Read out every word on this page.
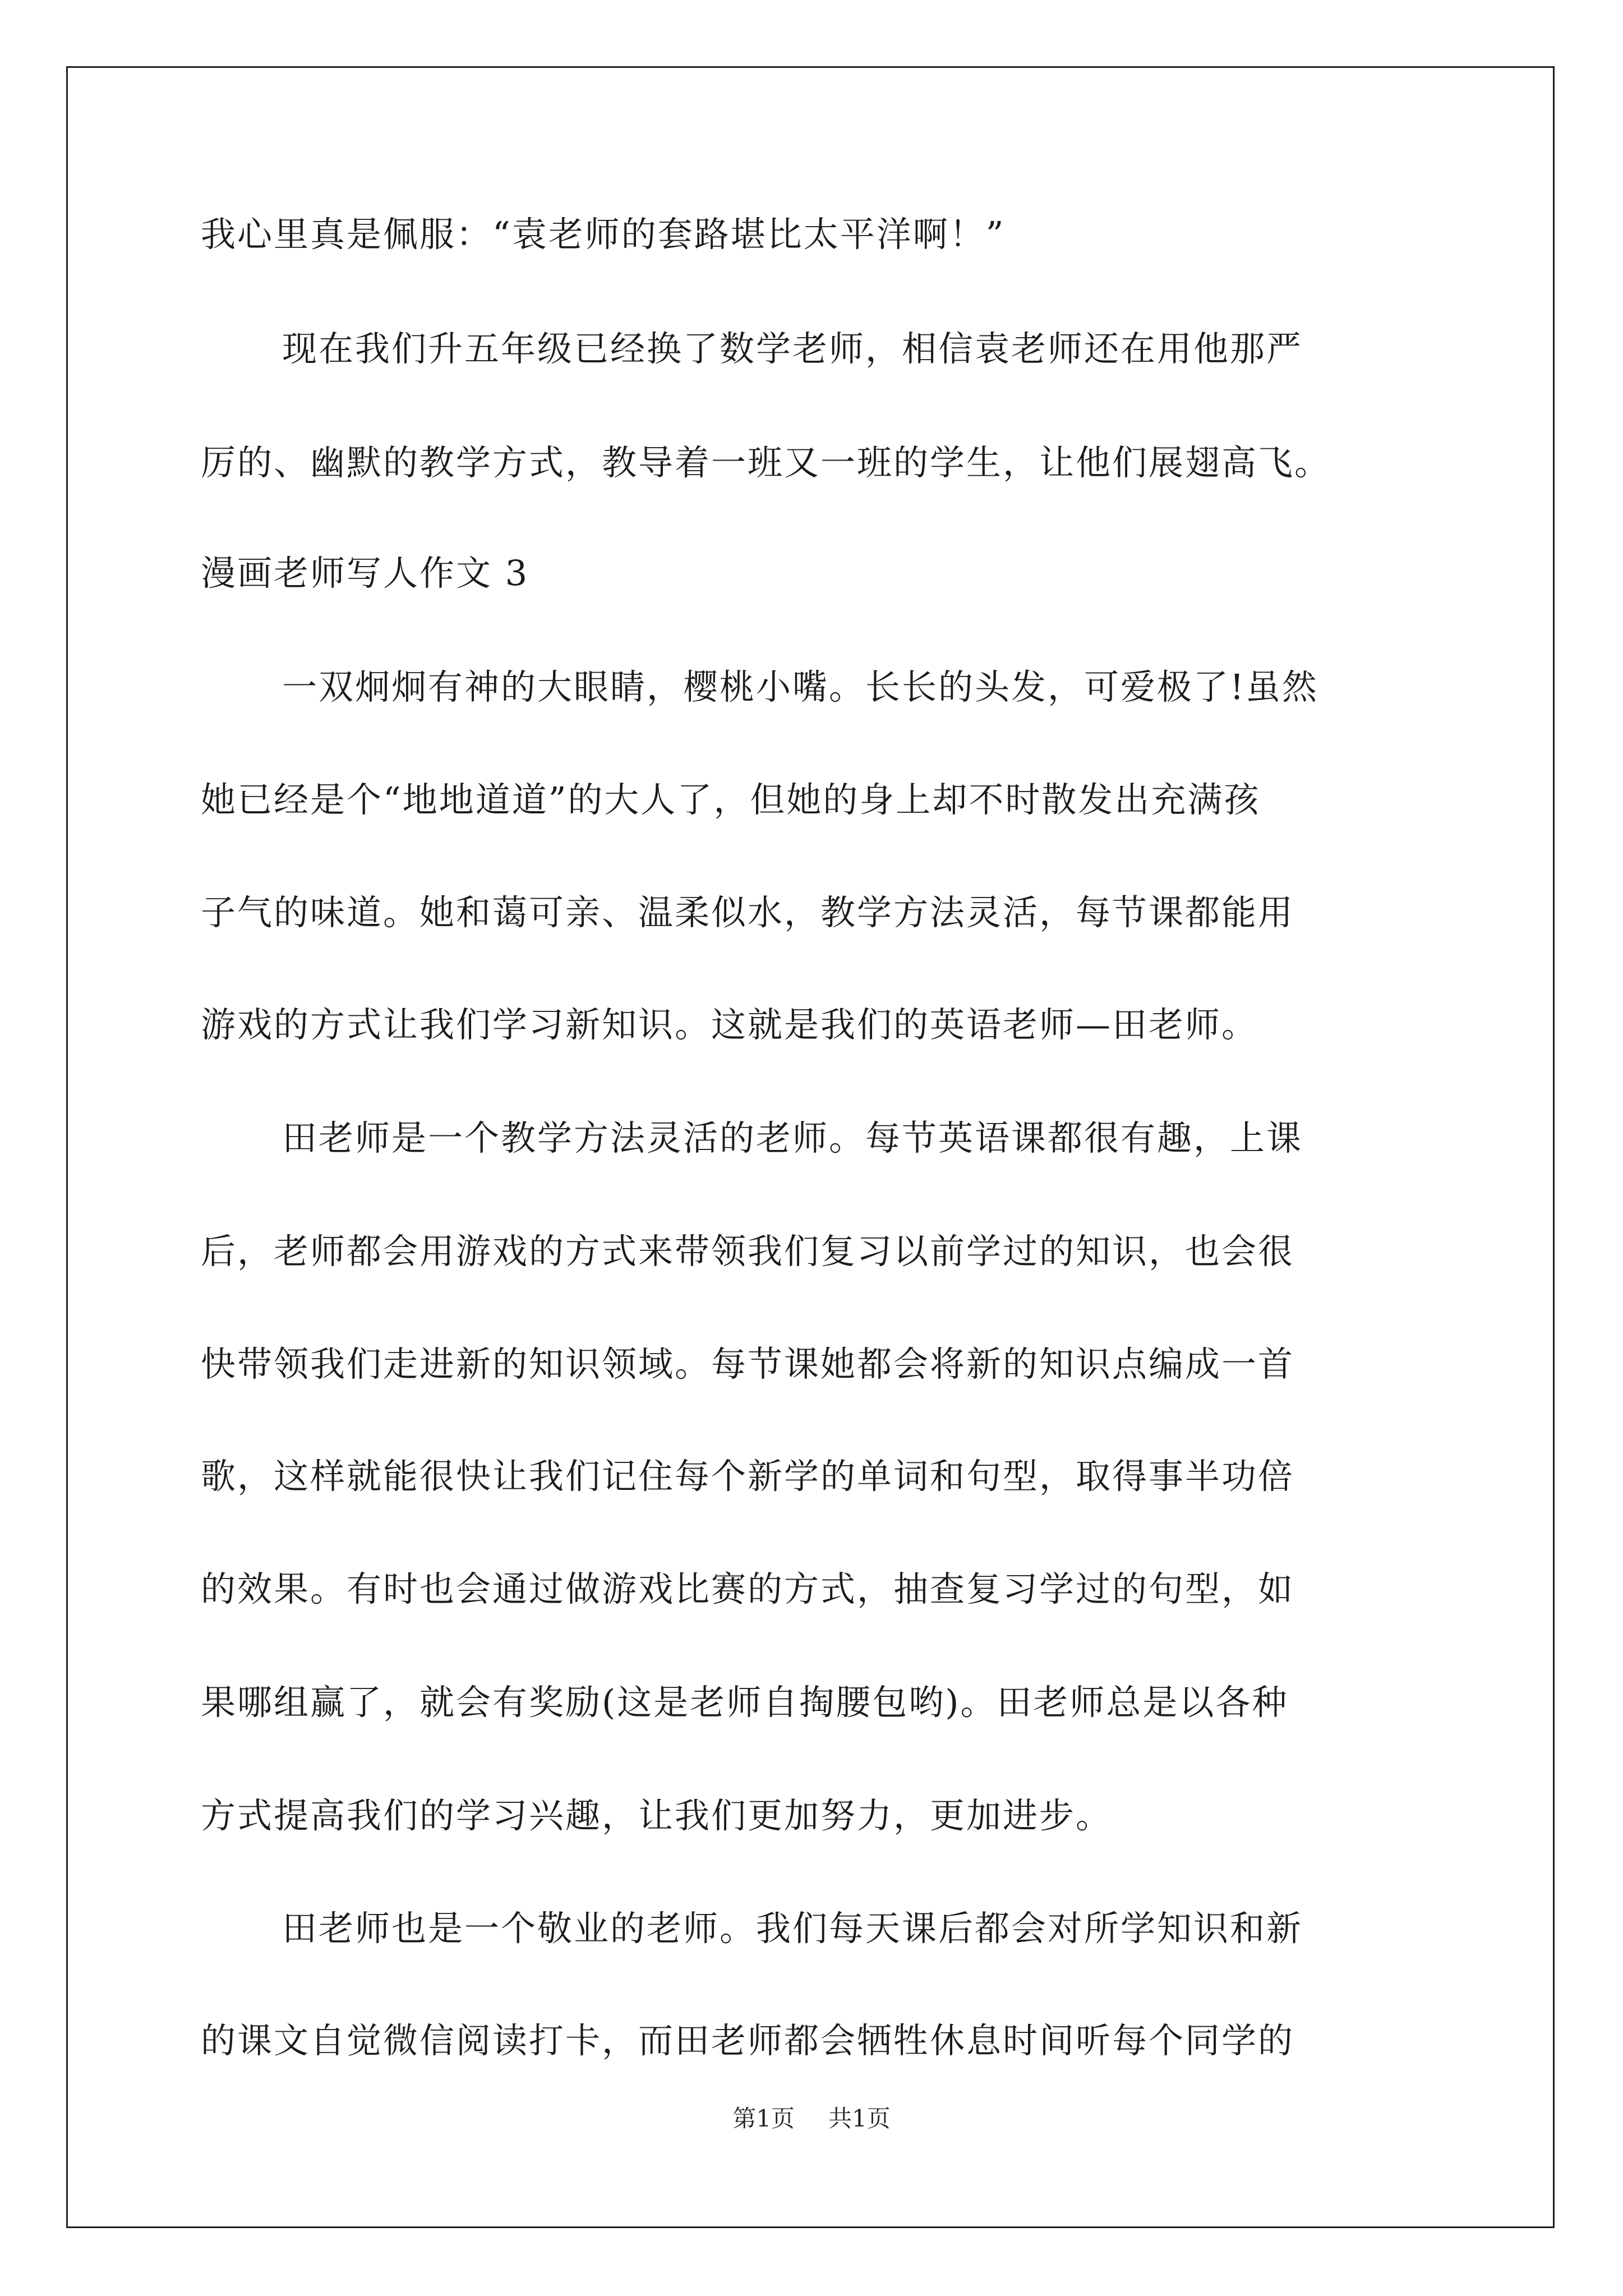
我心里真是佩服：“袁老师的套路堪比太平洋啊！”
现在我们升五年级已经换了数学老师，相信袁老师还在用他那严
厉的、幽默的教学方式，教导着一班又一班的学生，让他们展翅高飞。
漫画老师写人作文 3
一双炯炯有神的大眼睛，樱桃小嘴。长长的头发，可爱极了!虽然
她已经是个“地地道道”的大人了，但她的身上却不时散发出充满孩
子气的味道。她和蔼可亲、温柔似水，教学方法灵活，每节课都能用
游戏的方式让我们学习新知识。这就是我们的英语老师—田老师。
田老师是一个教学方法灵活的老师。每节英语课都很有趣，上课
后，老师都会用游戏的方式来带领我们复习以前学过的知识，也会很
快带领我们走进新的知识领域。每节课她都会将新的知识点编成一首
歌，这样就能很快让我们记住每个新学的单词和句型，取得事半功倍
的效果。有时也会通过做游戏比赛的方式，抽查复习学过的句型，如
果哪组赢了，就会有奖励(这是老师自掏腰包哟)。田老师总是以各种
方式提高我们的学习兴趣，让我们更加努力，更加进步。
田老师也是一个敬业的老师。我们每天课后都会对所学知识和新
的课文自觉微信阅读打卡，而田老师都会牺牲休息时间听每个同学的
第1页 共1页
